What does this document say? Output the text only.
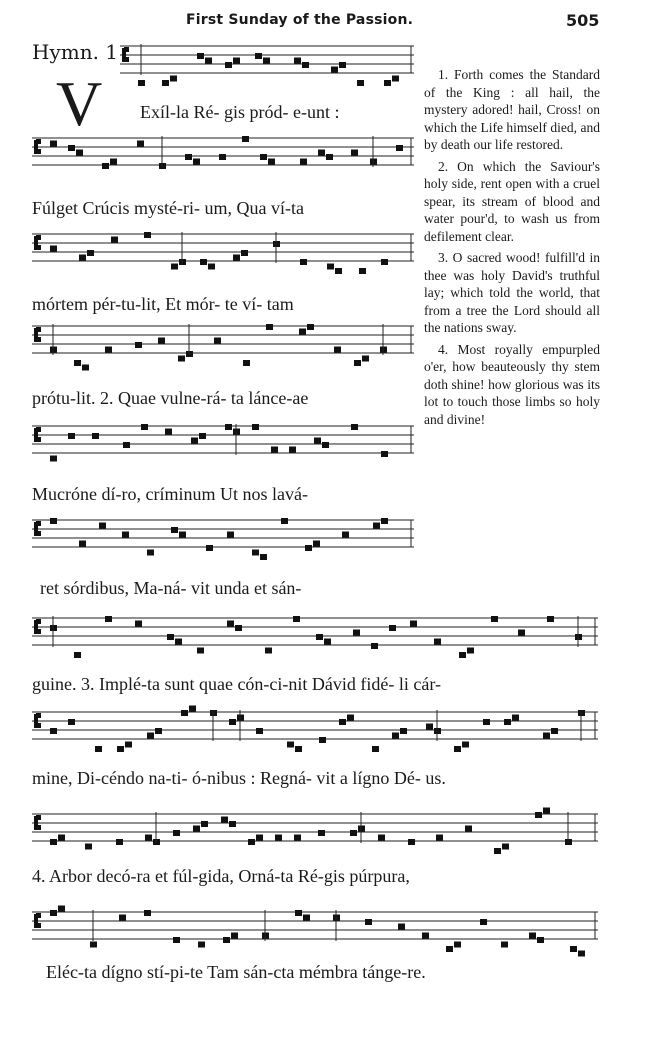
First Sunday of the Passion.	505
Hymn. 1
V Exíl-la Ré- gis pród- e-unt :

Fúlget Crúcis mysté-ri- um, Qua ví-ta

mórtem pér-tu-lit, Et mór- te ví- tam

prótu-lit. 2. Quae vulne-rá- ta lánce-ae

Mucróne dí-ro, críminum Ut nos lavá-

ret sórdibus, Ma-ná- vit unda et sán-

guine. 3. Implé-ta sunt quae cón-ci-nit Dávid fidé- li cár-

mine, Di-céndo na-ti- ó-nibus : Regná- vit a lígno Dé- us.

4. Arbor decó-ra et fúl-gida, Orná-ta Ré-gis púrpura,

Eléc-ta dígno stí-pi-te Tam sán-cta mémbra tánge-re.

1. Forth comes the Standard of the King : all hail, the mystery adored! hail, Cross! on which the Life himself died, and by death our life restored.

2. On which the Saviour's holy side, rent open with a cruel spear, its stream of blood and water pour'd, to wash us from defilement clear.

3. O sacred wood! fulfill'd in thee was holy David's truthful lay; which told the world, that from a tree the Lord should all the nations sway.

4. Most royally empurpled o'er, how beauteously thy stem doth shine! how glorious was its lot to touch those limbs so holy and divine!
